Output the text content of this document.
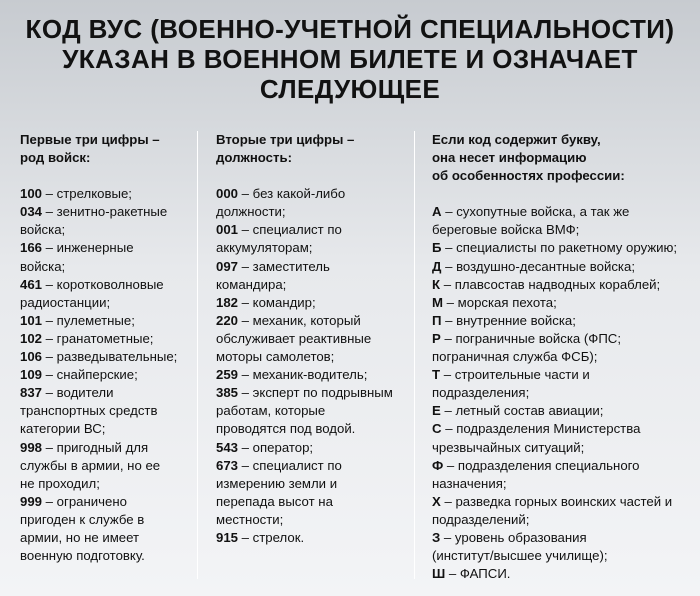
КОД ВУС (ВОЕННО-УЧЕТНОЙ СПЕЦИАЛЬНОСТИ)
УКАЗАН В ВОЕННОМ БИЛЕТЕ И ОЗНАЧАЕТ
СЛЕДУЮЩЕЕ
Первые три цифры –
род войск:
100 – стрелковые;
034 – зенитно-ракетные
войска;
166 – инженерные
войска;
461 – коротковолновые
радиостанции;
101 – пулеметные;
102 – гранатометные;
106 – разведывательные;
109 – снайперские;
837 – водители
транспортных средств
категории ВС;
998 – пригодный для
службы в армии, но ее
не проходил;
999 – ограничено
пригоден к службе в
армии, но не имеет
военную подготовку.
Вторые три цифры –
должность:
000 – без какой-либо
должности;
001 – специалист по
аккумуляторам;
097 – заместитель
командира;
182 – командир;
220 – механик, который
обслуживает реактивные
моторы самолетов;
259 – механик-водитель;
385 – эксперт по подрывным
работам, которые
проводятся под водой.
543 – оператор;
673 – специалист по
измерению земли и
перепада высот на
местности;
915 – стрелок.
Если код содержит букву,
она несет информацию
об особенностях профессии:
А – сухопутные войска, а так же
береговые войска ВМФ;
Б – специалисты по ракетному оружию;
Д – воздушно-десантные войска;
К – плавсостав надводных кораблей;
М – морская пехота;
П – внутренние войска;
Р – пограничные войска (ФПС;
пограничная служба ФСБ);
Т – строительные части и
подразделения;
Е – летный состав авиации;
С – подразделения Министерства
чрезвычайных ситуаций;
Ф – подразделения специального
назначения;
Х – разведка горных воинских частей и
подразделений;
З – уровень образования
(институт/высшее училище);
Ш – ФАПСИ.
